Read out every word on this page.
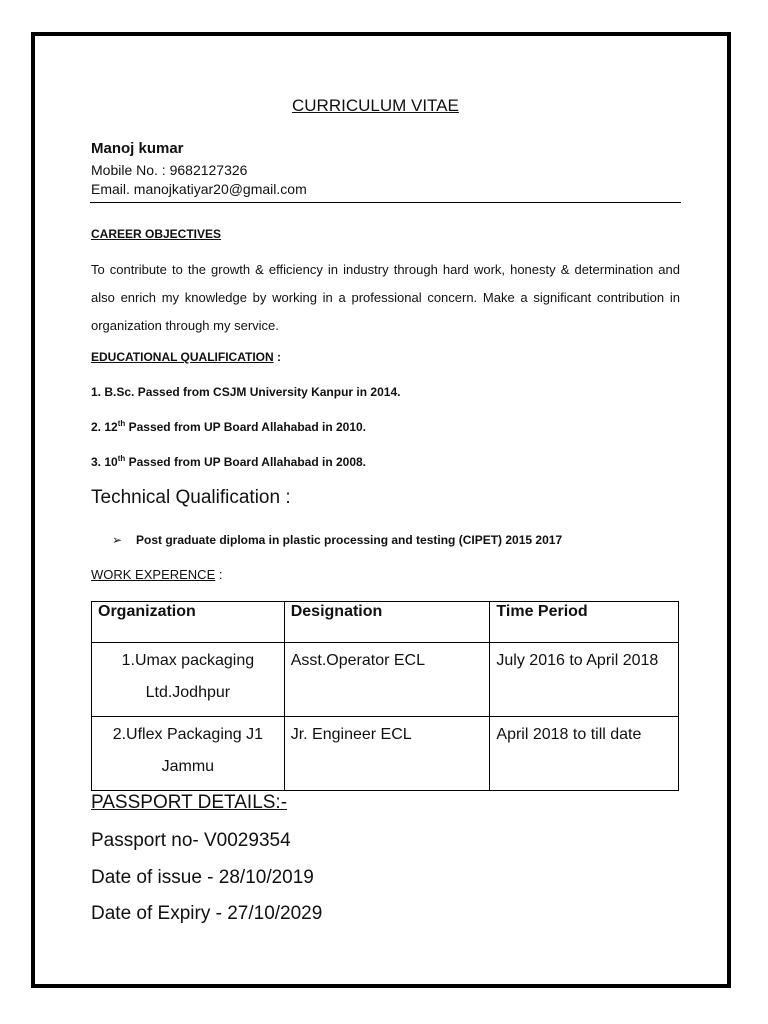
CURRICULUM VITAE
Manoj kumar
Mobile No. : 9682127326
Email. manojkatiyar20@gmail.com
CAREER OBJECTIVES
To contribute to the growth & efficiency in industry through hard work, honesty & determination and also enrich my knowledge by working in a professional concern. Make a significant contribution in organization through my service.
EDUCATIONAL QUALIFICATION :
1. B.Sc. Passed from CSJM University Kanpur in 2014.
2. 12th Passed from UP Board Allahabad in 2010.
3. 10th Passed from UP Board Allahabad in 2008.
Technical Qualification :
➢ Post graduate diploma in plastic processing and testing (CIPET) 2015 2017
WORK EXPERENCE :
Organization	Designation	Time Period
1.Umax packaging Ltd.Jodhpur	Asst.Operator ECL	July 2016 to April 2018
2.Uflex Packaging J1 Jammu	Jr. Engineer ECL	April 2018 to till date
PASSPORT DETAILS:-
Passport no- V0029354
Date of issue - 28/10/2019
Date of Expiry - 27/10/2029
